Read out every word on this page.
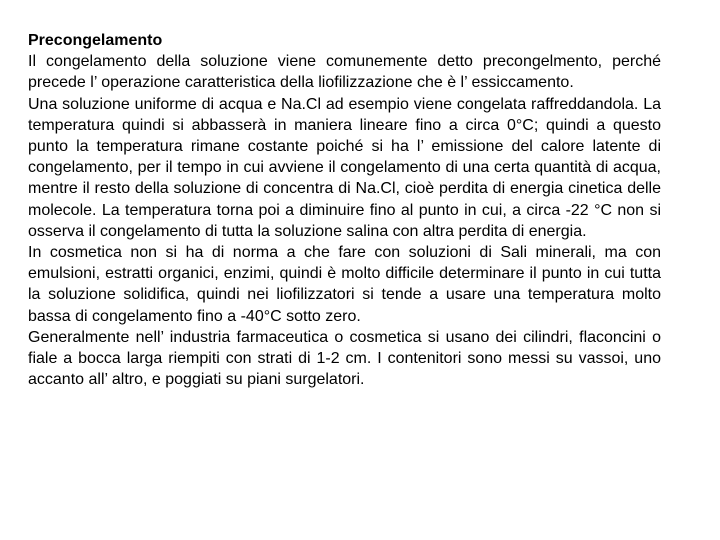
Precongelamento

Il congelamento della soluzione viene comunemente detto precongelmento, perché precede l’ operazione caratteristica della liofilizzazione che è l’ essiccamento.

Una soluzione uniforme di acqua e Na.Cl ad esempio viene congelata raffreddandola. La temperatura quindi si abbasserà in maniera lineare fino a circa 0°C; quindi a questo punto la temperatura rimane costante poiché si ha l’ emissione del calore latente di congelamento, per il tempo in cui avviene il congelamento di una certa quantità di acqua, mentre il resto della soluzione di concentra di Na.Cl, cioè perdita di energia cinetica delle molecole. La temperatura torna poi a diminuire fino al punto in cui, a circa -22 °C non si osserva il congelamento di tutta la soluzione salina con altra perdita di energia.

In cosmetica non si ha di norma a che fare con soluzioni di Sali minerali, ma con emulsioni, estratti organici, enzimi, quindi è molto difficile determinare il punto in cui tutta la soluzione solidifica, quindi nei liofilizzatori si tende a usare una temperatura molto bassa di congelamento fino a -40°C sotto zero.

Generalmente nell’ industria farmaceutica o cosmetica si usano dei cilindri, flaconcini o fiale a bocca larga riempiti con strati di 1-2 cm. I contenitori sono messi su vassoi, uno accanto all’ altro, e poggiati su piani surgelatori.
